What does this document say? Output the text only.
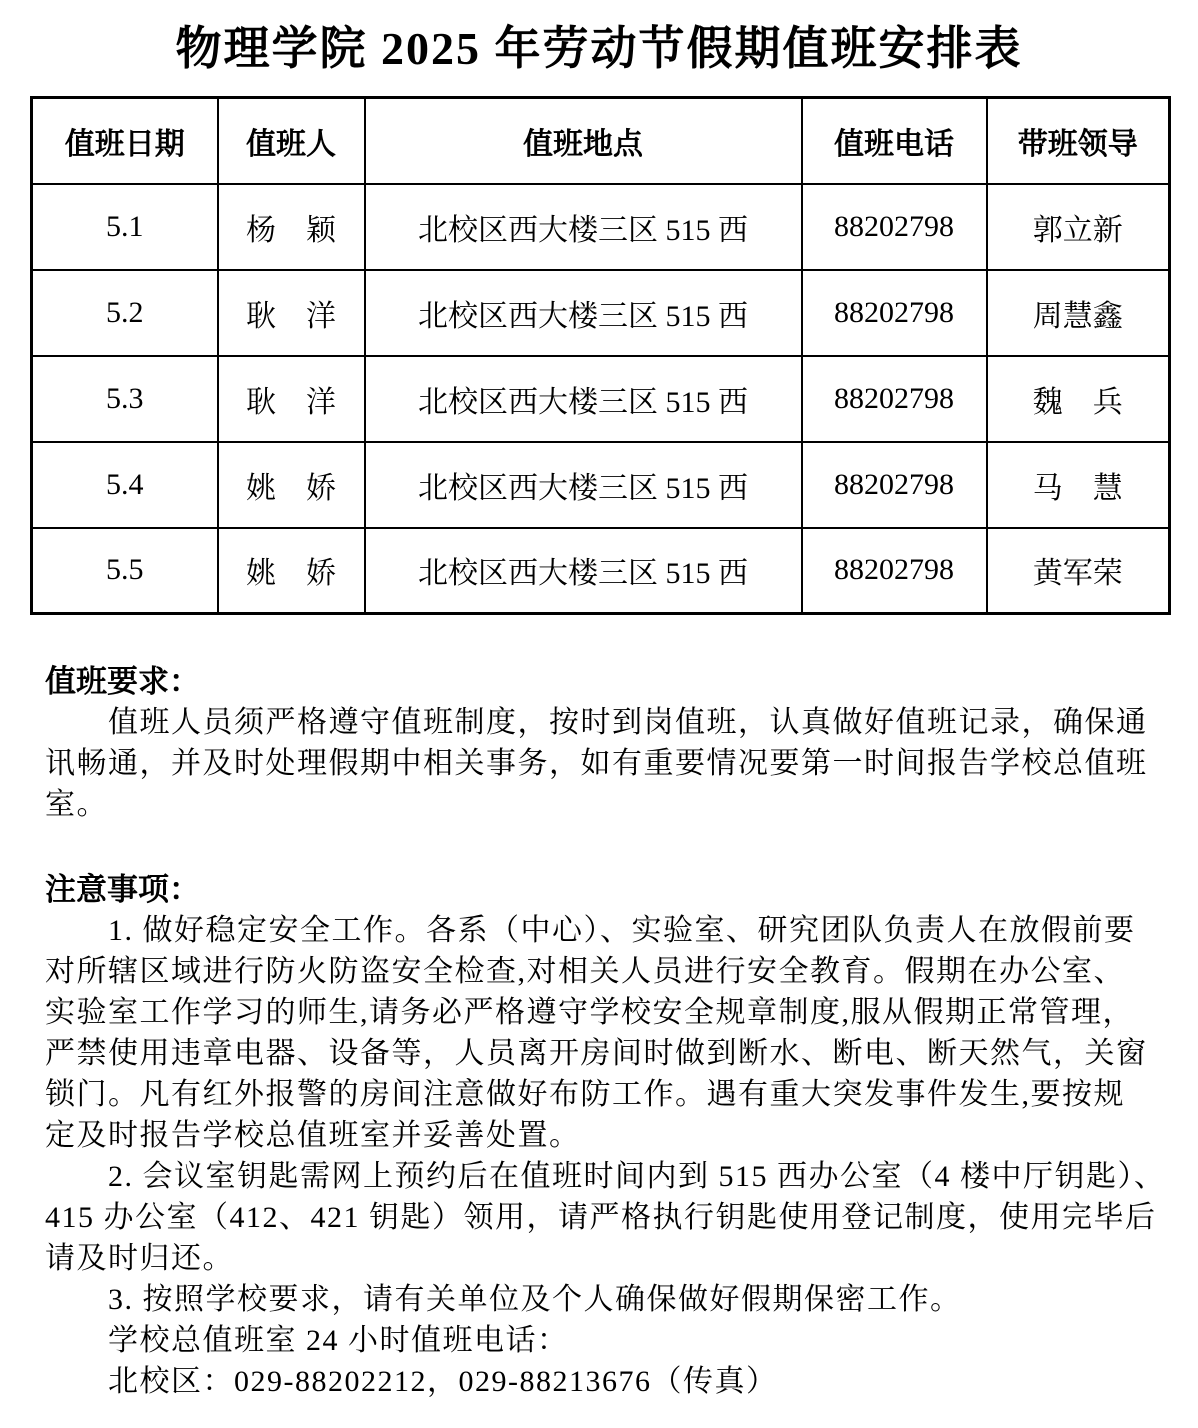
物理学院 2025 年劳动节假期值班安排表
值班日期	值班人	值班地点	值班电话	带班领导
5.1	杨　颖	北校区西大楼三区 515 西	88202798	郭立新
5.2	耿　洋	北校区西大楼三区 515 西	88202798	周慧鑫
5.3	耿　洋	北校区西大楼三区 515 西	88202798	魏　兵
5.4	姚　娇	北校区西大楼三区 515 西	88202798	马　慧
5.5	姚　娇	北校区西大楼三区 515 西	88202798	黄军荣
值班要求：
　　值班人员须严格遵守值班制度，按时到岗值班，认真做好值班记录，确保通
讯畅通，并及时处理假期中相关事务，如有重要情况要第一时间报告学校总值班
室。
注意事项：
　　1. 做好稳定安全工作。各系（中心）、实验室、研究团队负责人在放假前要
对所辖区域进行防火防盗安全检查,对相关人员进行安全教育。假期在办公室、
实验室工作学习的师生,请务必严格遵守学校安全规章制度,服从假期正常管理，
严禁使用违章电器、设备等，人员离开房间时做到断水、断电、断天然气，关窗
锁门。凡有红外报警的房间注意做好布防工作。遇有重大突发事件发生,要按规
定及时报告学校总值班室并妥善处置。
　　2. 会议室钥匙需网上预约后在值班时间内到 515 西办公室（4 楼中厅钥匙）、
415 办公室（412、421 钥匙）领用，请严格执行钥匙使用登记制度，使用完毕后
请及时归还。
　　3. 按照学校要求，请有关单位及个人确保做好假期保密工作。
　　学校总值班室 24 小时值班电话：
　　北校区：029-88202212，029-88213676（传真）
